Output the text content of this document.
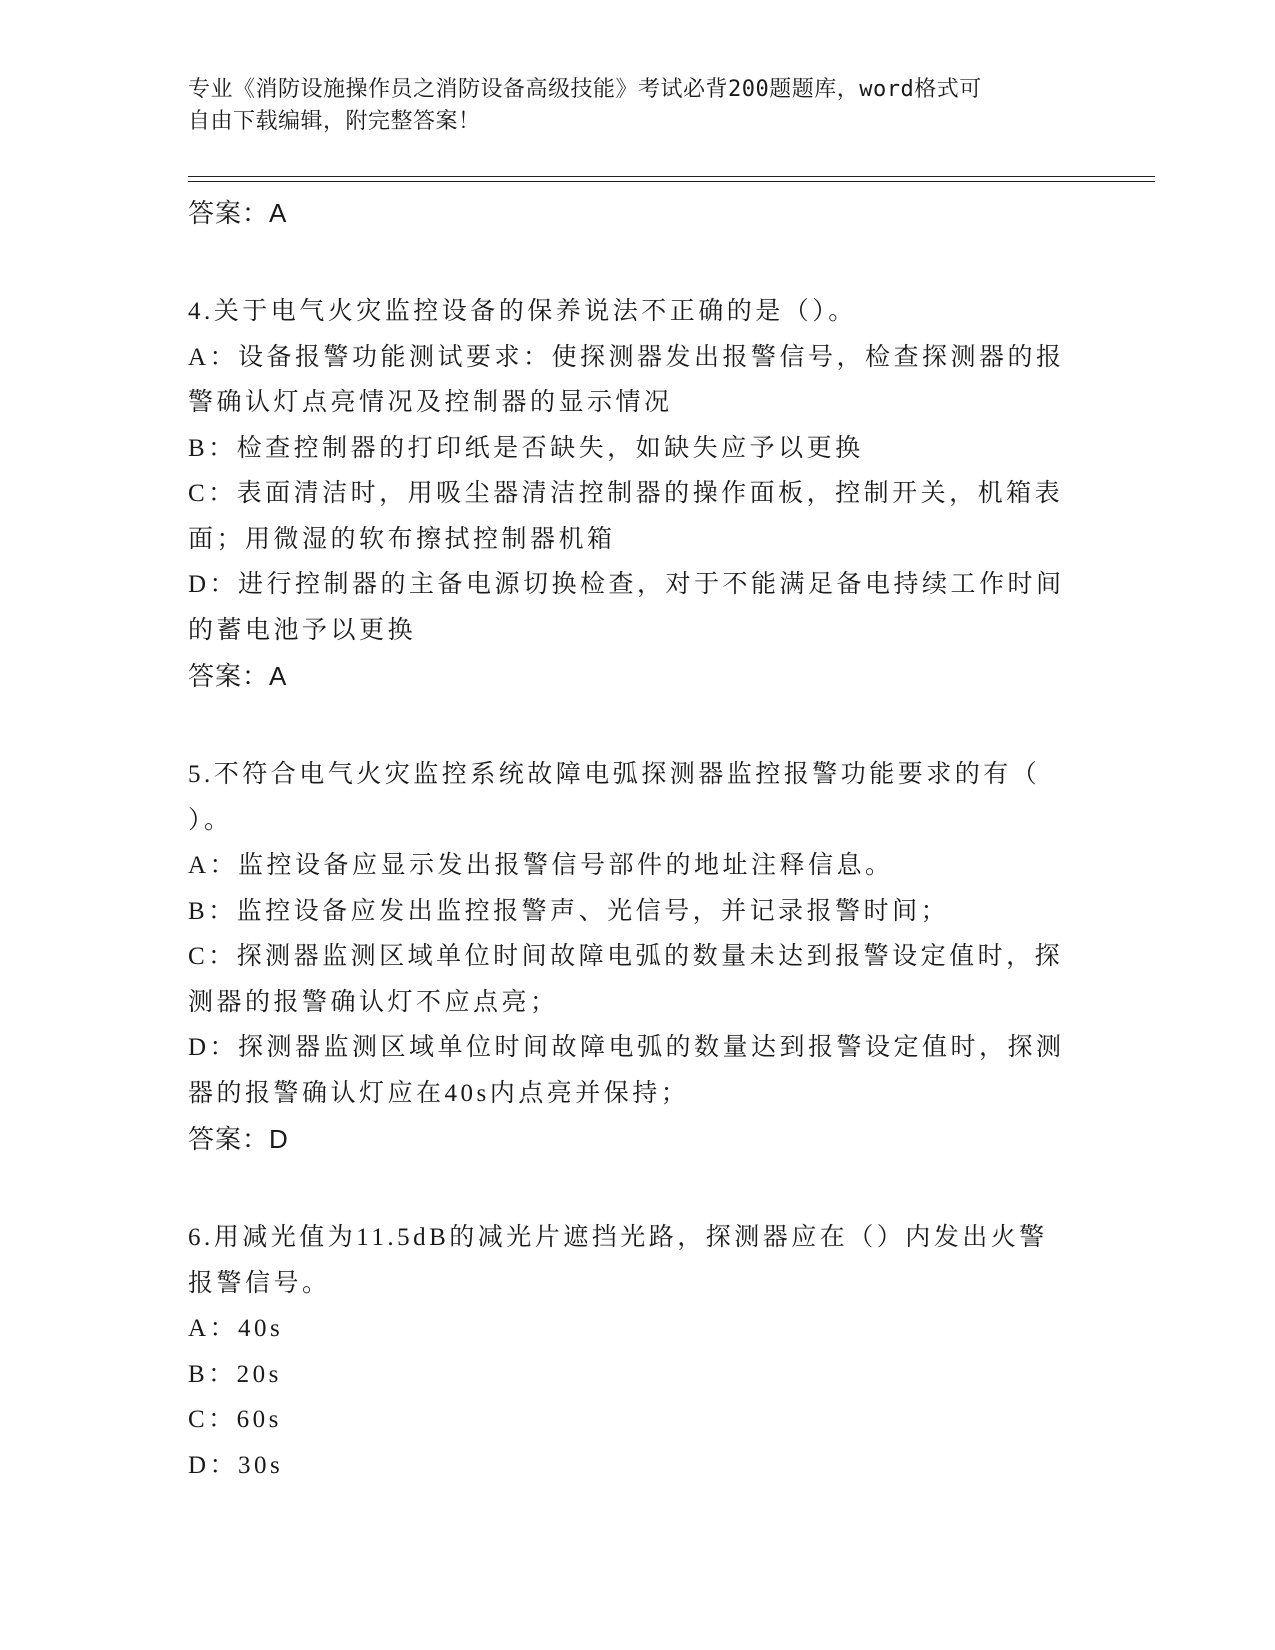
专业《消防设施操作员之消防设备高级技能》考试必背200题题库，word格式可
自由下载编辑，附完整答案！
答案：A
4.关于电气火灾监控设备的保养说法不正确的是（）。
A：设备报警功能测试要求：使探测器发出报警信号，检查探测器的报
警确认灯点亮情况及控制器的显示情况
B：检查控制器的打印纸是否缺失，如缺失应予以更换
C：表面清洁时，用吸尘器清洁控制器的操作面板，控制开关，机箱表
面；用微湿的软布擦拭控制器机箱
D：进行控制器的主备电源切换检查，对于不能满足备电持续工作时间
的蓄电池予以更换
答案：A
5.不符合电气火灾监控系统故障电弧探测器监控报警功能要求的有（
）。
A：监控设备应显示发出报警信号部件的地址注释信息。
B：监控设备应发出监控报警声、光信号，并记录报警时间；
C：探测器监测区域单位时间故障电弧的数量未达到报警设定值时，探
测器的报警确认灯不应点亮；
D：探测器监测区域单位时间故障电弧的数量达到报警设定值时，探测
器的报警确认灯应在40s内点亮并保持；
答案：D
6.用减光值为11.5dB的减光片遮挡光路，探测器应在（）内发出火警
报警信号。
A：40s
B：20s
C：60s
D：30s
